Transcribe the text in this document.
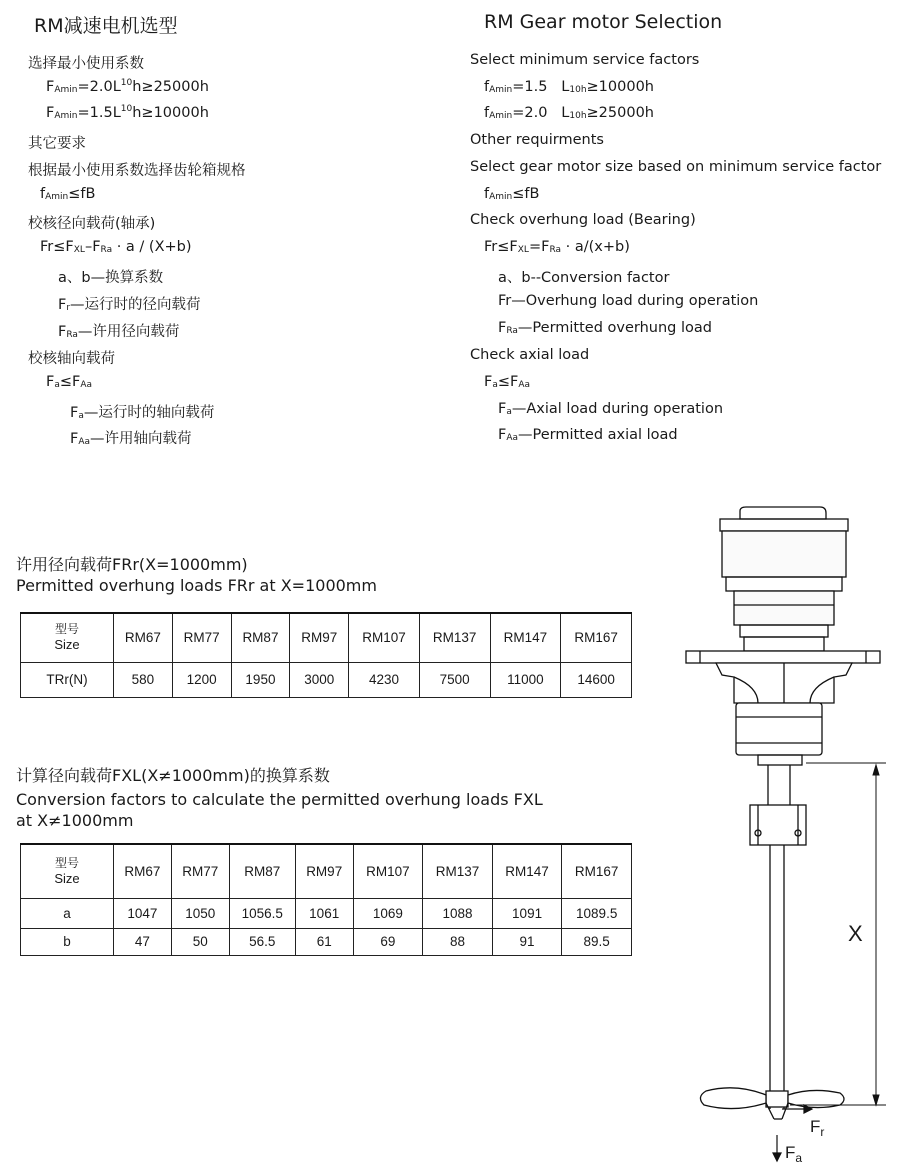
RM减速电机选型
选择最小使用系数
$FAmin=1.5L^{10}h\ge 10000h$
$FAmin=2.0L^{10}h\ge 25000h$
其它要求
根据最小使用系数选择齿轮箱规格
fAmin≤fB
校核径向载荷(轴承)
Fr≤FXL–FRa · a / (X+b)
a、b—换算系数
Fr—运行时的径向载荷
FRa—许用径向载荷
校核轴向载荷
Fa≤FAa
Fa—运行时的轴向载荷
FAa—许用轴向载荷
RM Gear motor Selection
Select minimum service factors
fAmin=1.5   L10h≥10000h
fAmin=2.0   L10h≥25000h
Other requirments
Select gear motor size based on minimum service factor
fAmin≤fB
Check overhung load (Bearing)
Fr≤FXL=FRa · a/(x+b)
a、b--Conversion factor
Fr—Overhung load during operation
FRa—Permitted overhung load
Check axial load
Fa≤FAa
Fa—Axial load during operation
FAa—Permitted axial load
许用径向载荷FRr(X=1000mm)
Permitted overhung loads FRr at X=1000mm
型号
Size	RM67	RM77	RM87	RM97	RM107	RM137	RM147	RM167
TRr(N)	580	1200	1950	3000	4230	7500	11000	14600
计算径向载荷FXL(X≠1000mm)的换算系数
Conversion factors to calculate the permitted overhung loads FXL
at X≠1000mm
型号
Size	RM67	RM77	RM87	RM97	RM107	RM137	RM147	RM167
a	1047	1050	1056.5	1061	1069	1088	1091	1089.5
b	47	50	56.5	61	69	88	91	89.5	X
$F_r$
$F_a$
